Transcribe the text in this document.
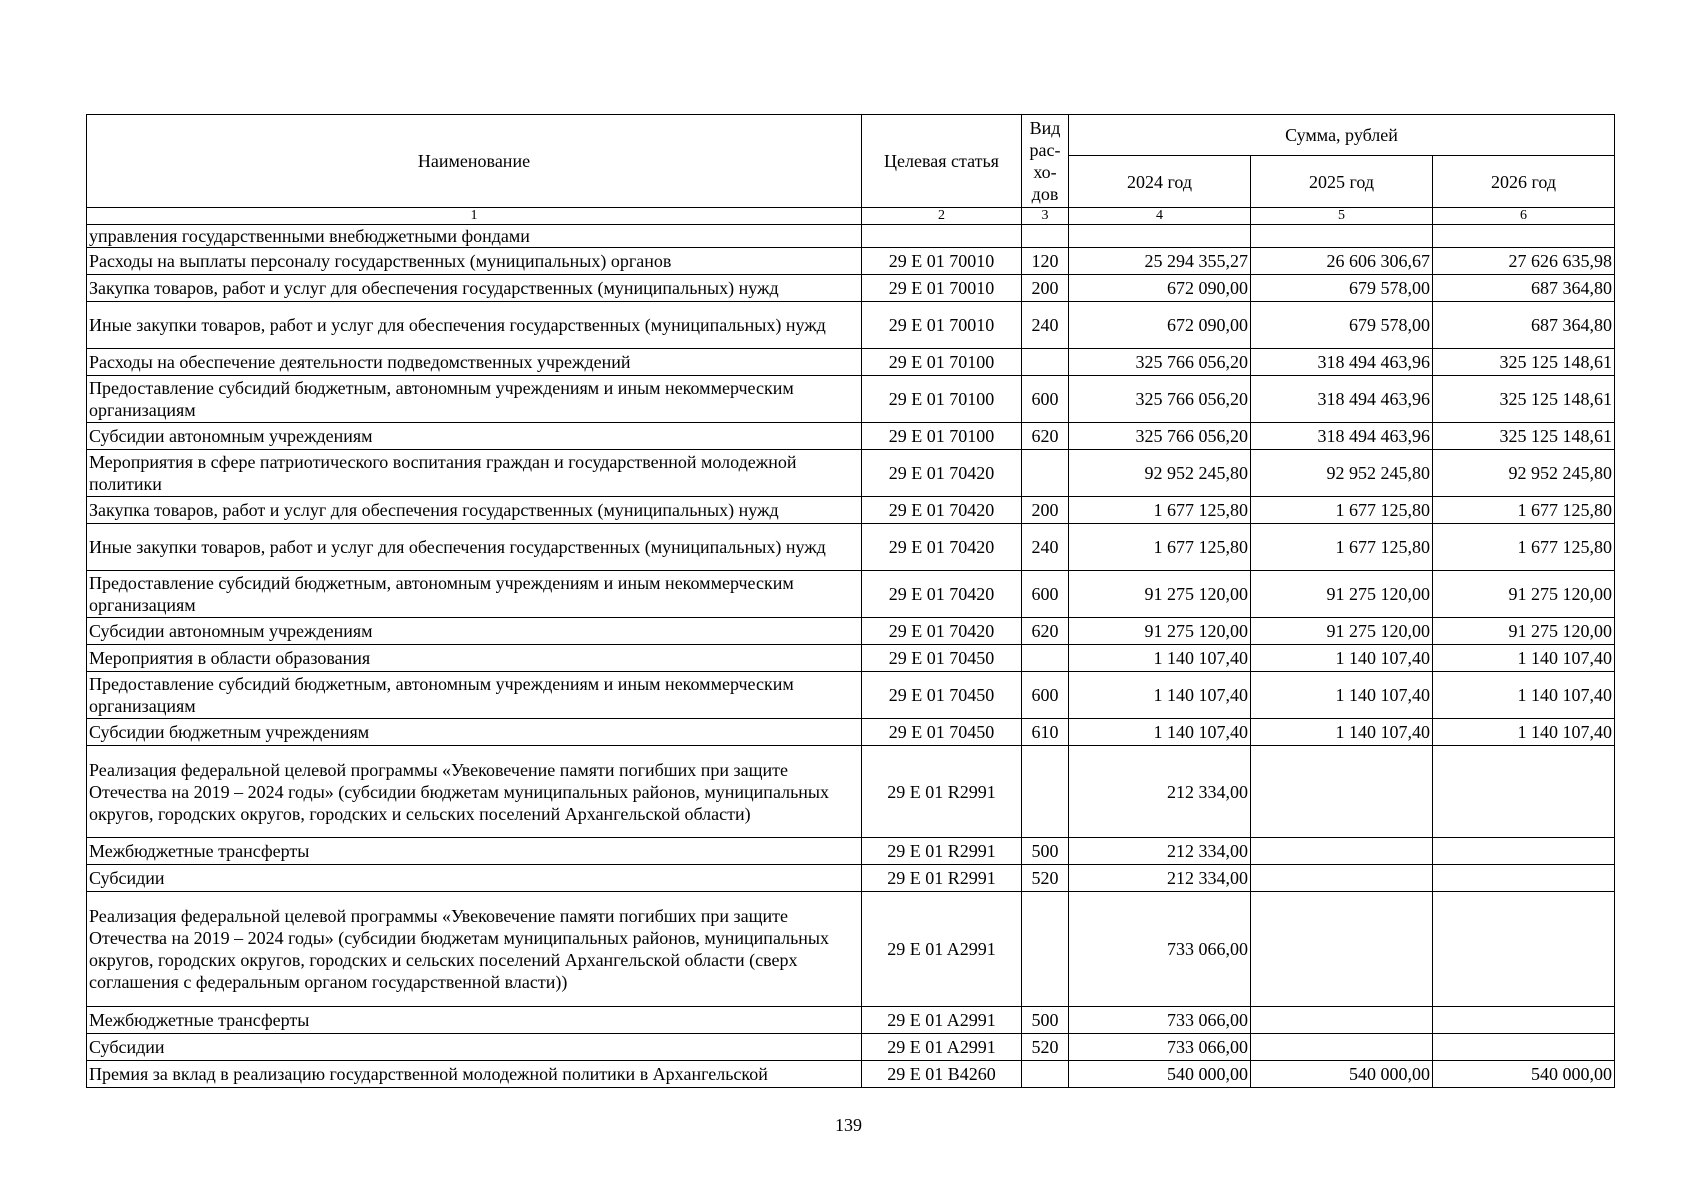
Наименование	Целевая статья	Вид рас-хо-дов	Сумма, рублей		
			2024 год	2025 год	2026 год
1	2	3	4	5	6
управления государственными внебюджетными фондами					
Расходы на выплаты персоналу государственных (муниципальных) органов	29 E 01 70010	120	25 294 355,27	26 606 306,67	27 626 635,98
Закупка товаров, работ и услуг для обеспечения государственных (муниципальных) нужд	29 E 01 70010	200	672 090,00	679 578,00	687 364,80
Иные закупки товаров, работ и услуг для обеспечения государственных (муниципальных) нужд	29 E 01 70010	240	672 090,00	679 578,00	687 364,80
Расходы на обеспечение деятельности подведомственных учреждений	29 E 01 70100		325 766 056,20	318 494 463,96	325 125 148,61
Предоставление субсидий бюджетным, автономным учреждениям и иным некоммерческим организациям	29 E 01 70100	600	325 766 056,20	318 494 463,96	325 125 148,61
Субсидии автономным учреждениям	29 E 01 70100	620	325 766 056,20	318 494 463,96	325 125 148,61
Мероприятия в сфере патриотического воспитания граждан и государственной молодежной политики	29 E 01 70420		92 952 245,80	92 952 245,80	92 952 245,80
Закупка товаров, работ и услуг для обеспечения государственных (муниципальных) нужд	29 E 01 70420	200	1 677 125,80	1 677 125,80	1 677 125,80
Иные закупки товаров, работ и услуг для обеспечения государственных (муниципальных) нужд	29 E 01 70420	240	1 677 125,80	1 677 125,80	1 677 125,80
Предоставление субсидий бюджетным, автономным учреждениям и иным некоммерческим организациям	29 E 01 70420	600	91 275 120,00	91 275 120,00	91 275 120,00
Субсидии автономным учреждениям	29 E 01 70420	620	91 275 120,00	91 275 120,00	91 275 120,00
Мероприятия в области образования	29 E 01 70450		1 140 107,40	1 140 107,40	1 140 107,40
Предоставление субсидий бюджетным, автономным учреждениям и иным некоммерческим организациям	29 E 01 70450	600	1 140 107,40	1 140 107,40	1 140 107,40
Субсидии бюджетным учреждениям	29 E 01 70450	610	1 140 107,40	1 140 107,40	1 140 107,40
Реализация федеральной целевой программы «Увековечение памяти погибших при защите Отечества на 2019 – 2024 годы» (субсидии бюджетам муниципальных районов, муниципальных округов, городских округов, городских и сельских поселений Архангельской области)	29 E 01 R2991		212 334,00		
Межбюджетные трансферты	29 E 01 R2991	500	212 334,00		
Субсидии	29 E 01 R2991	520	212 334,00		
Реализация федеральной целевой программы «Увековечение памяти погибших при защите Отечества на 2019 – 2024 годы» (субсидии бюджетам муниципальных районов, муниципальных округов, городских округов, городских и сельских поселений Архангельской области (сверх соглашения с федеральным органом государственной власти))	29 E 01 A2991		733 066,00		
Межбюджетные трансферты	29 E 01 A2991	500	733 066,00		
Субсидии	29 E 01 A2991	520	733 066,00		
Премия за вклад в реализацию государственной молодежной политики в Архангельской	29 E 01 B4260		540 000,00	540 000,00	540 000,00
139
